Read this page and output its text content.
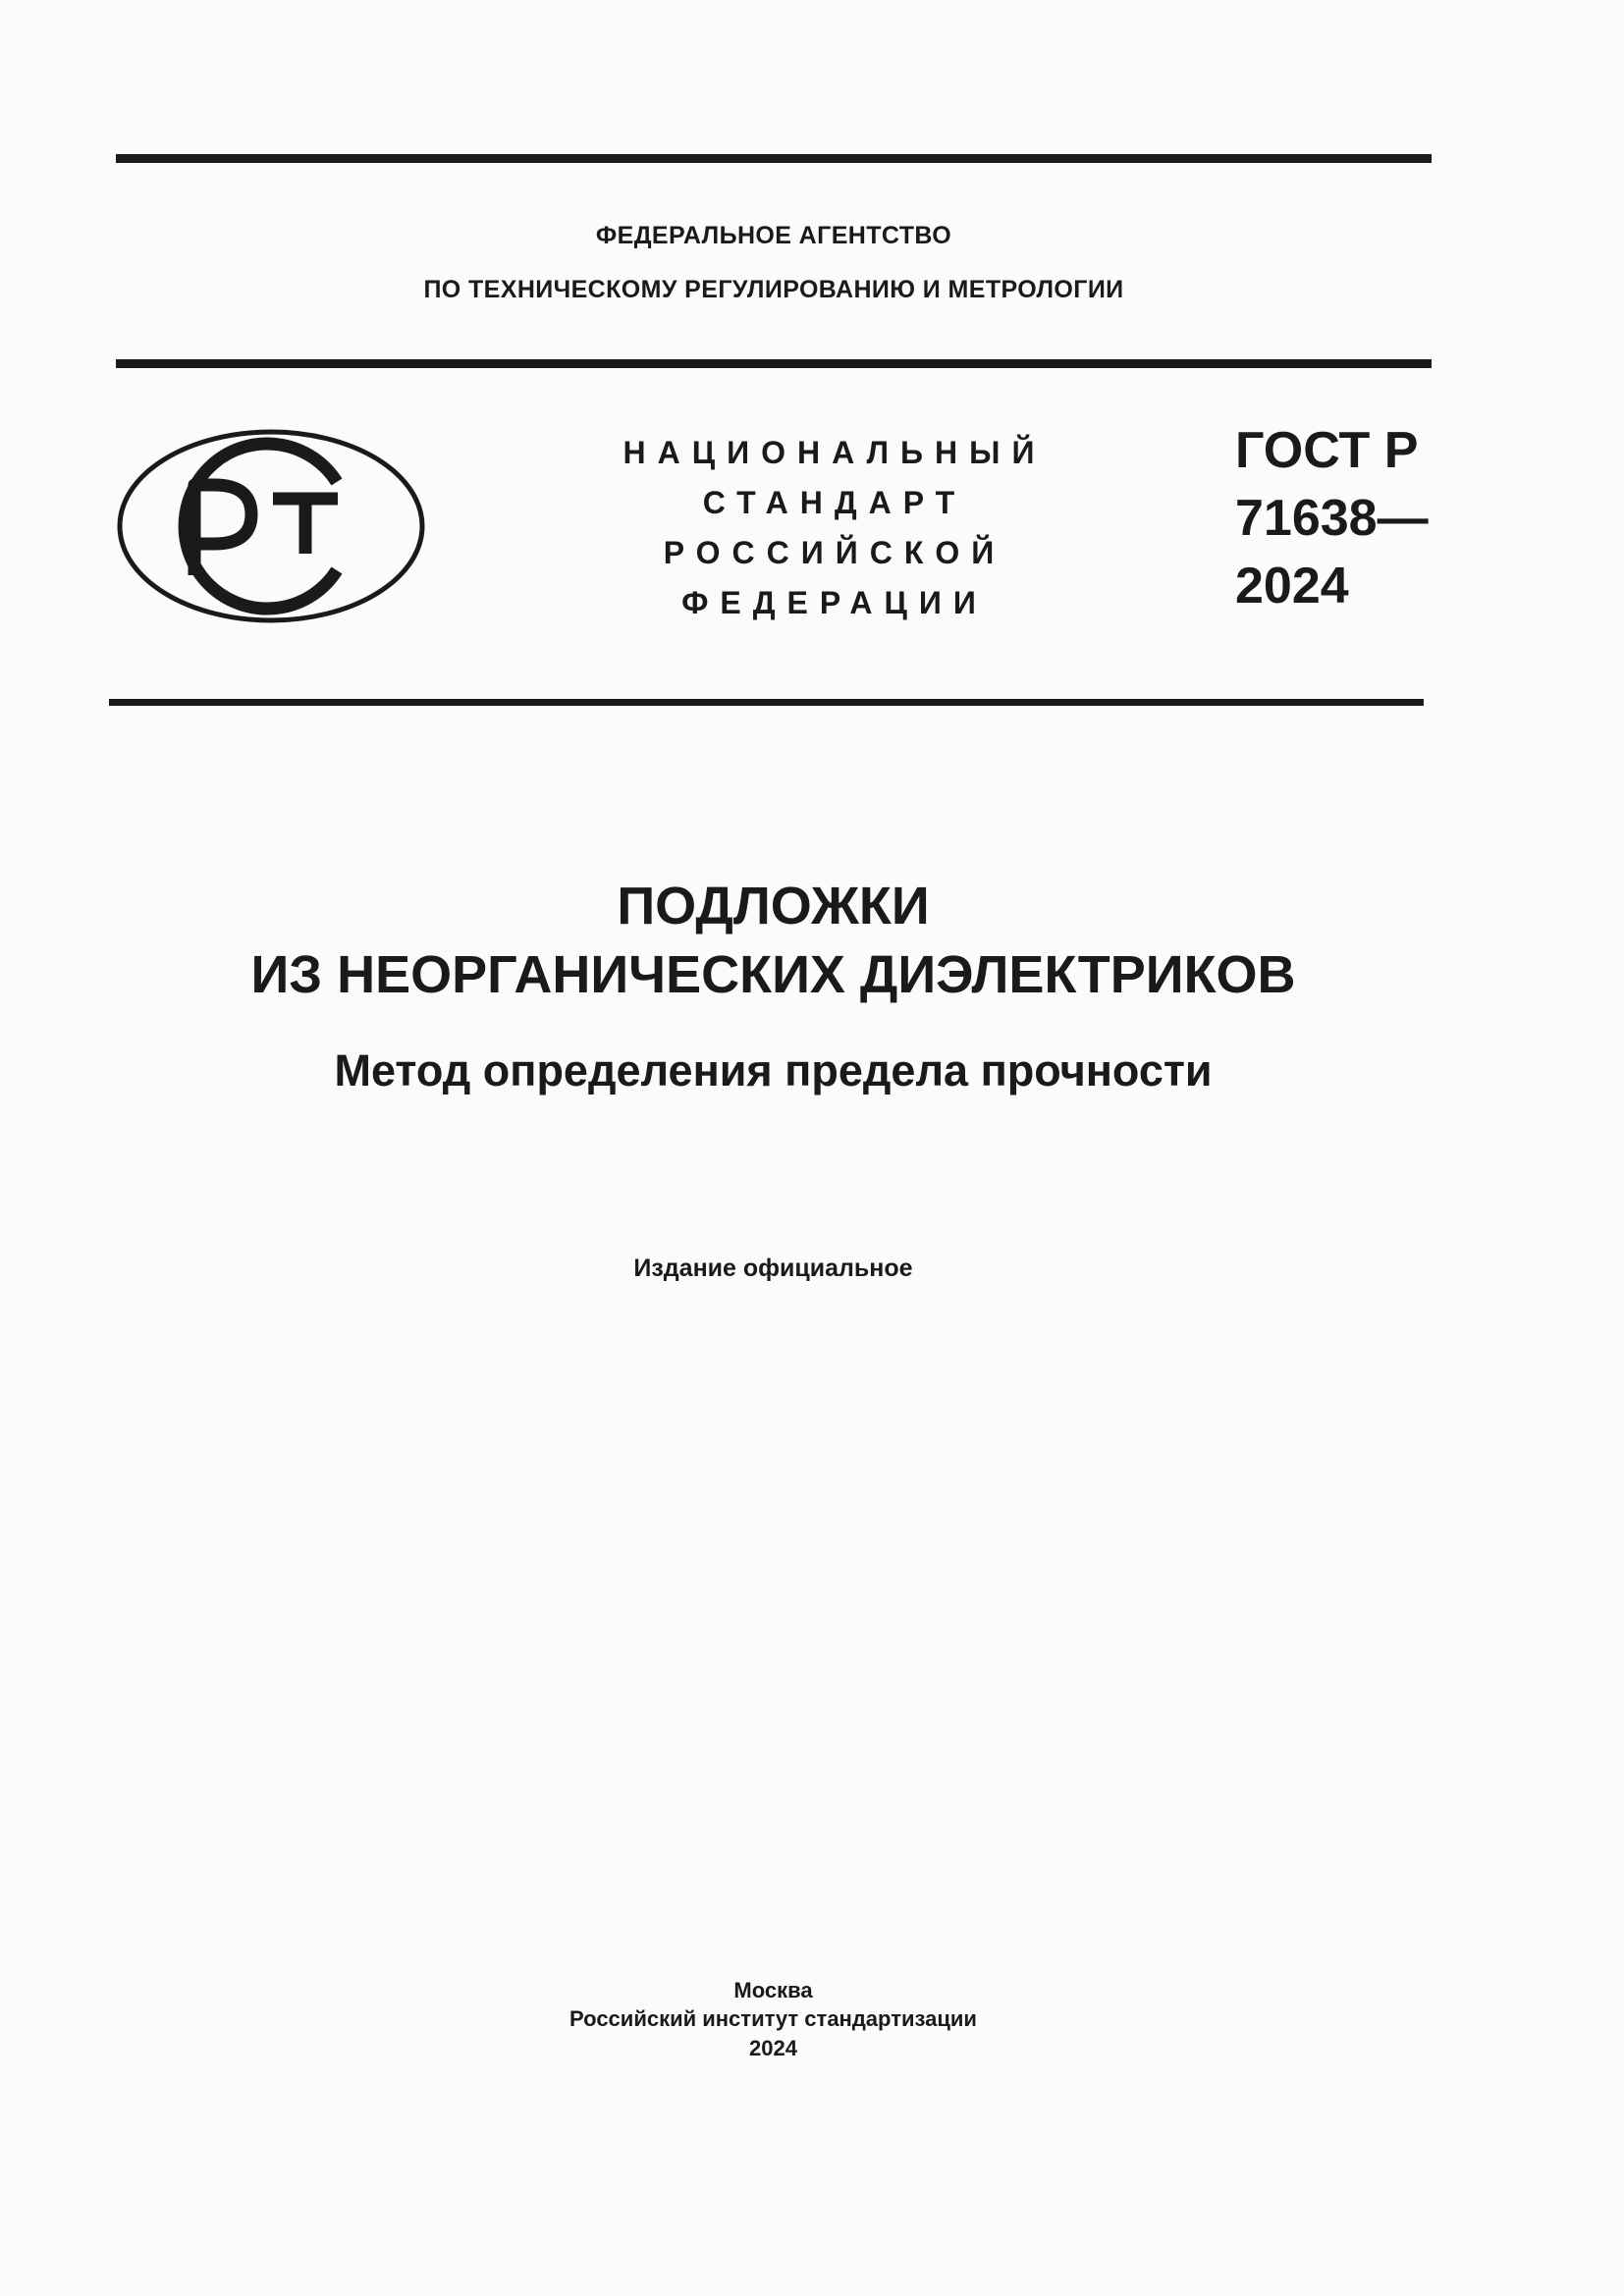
ФЕДЕРАЛЬНОЕ АГЕНТСТВО
ПО ТЕХНИЧЕСКОМУ РЕГУЛИРОВАНИЮ И МЕТРОЛОГИИ
НАЦИОНАЛЬНЫЙ
СТАНДАРТ
РОССИЙСКОЙ
ФЕДЕРАЦИИ
ГОСТ Р
71638—
2024
ПОДЛОЖКИ
ИЗ НЕОРГАНИЧЕСКИХ ДИЭЛЕКТРИКОВ
Метод определения предела прочности
Издание официальное
Москва
Российский институт стандартизации
2024
